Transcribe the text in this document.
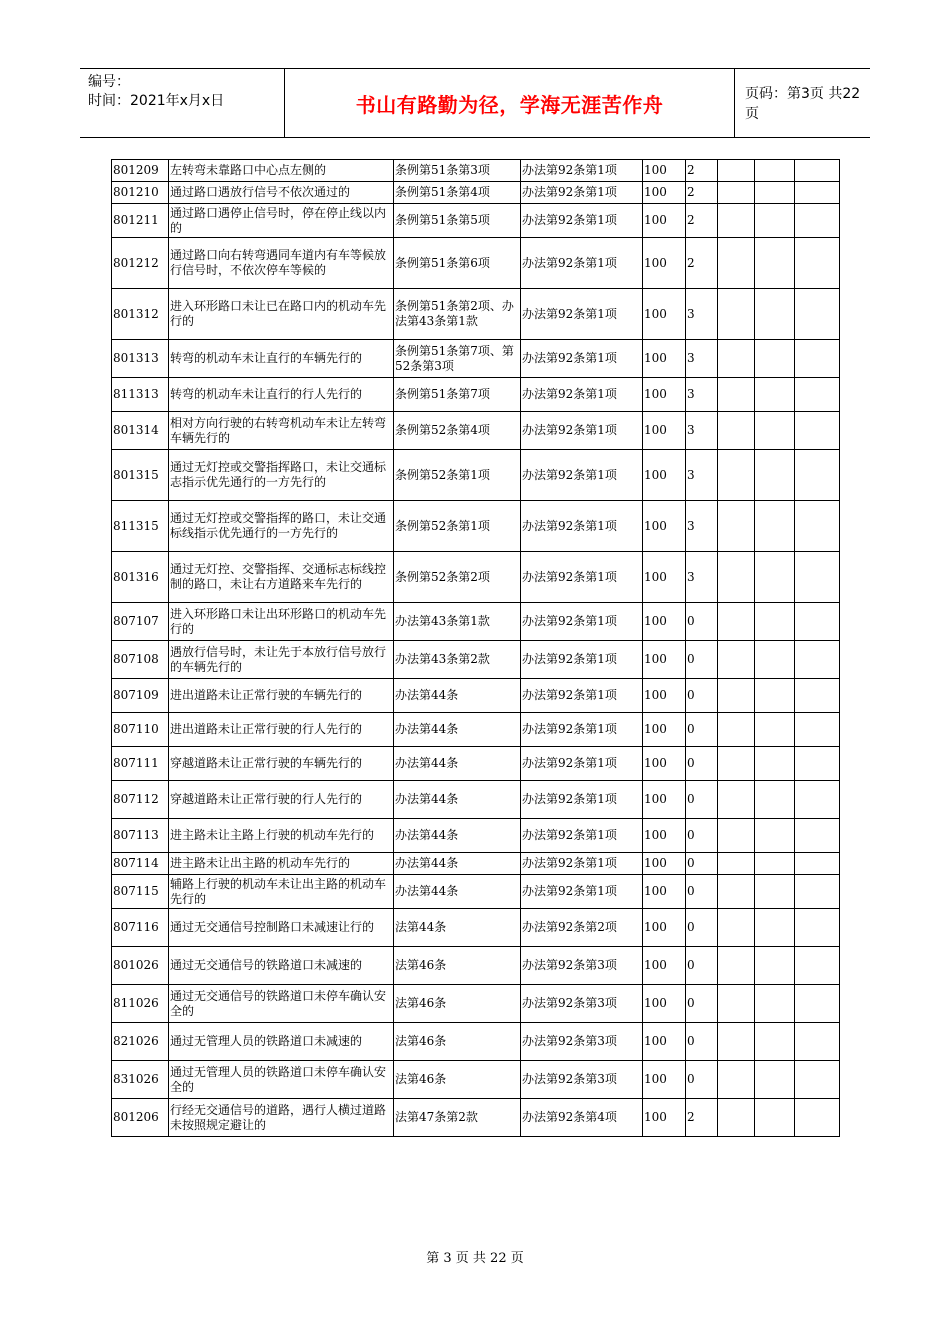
编号：
时间：2021年x月x日	书山有路勤为径，学海无涯苦作舟	页码：第3页 共22页
801209	左转弯未靠路口中心点左侧的	条例第51条第3项	办法第92条第1项	100	2			
801210	通过路口遇放行信号不依次通过的	条例第51条第4项	办法第92条第1项	100	2			
801211	通过路口遇停止信号时，停在停止线以内的	条例第51条第5项	办法第92条第1项	100	2			
801212	通过路口向右转弯遇同车道内有车等候放行信号时，不依次停车等候的	条例第51条第6项	办法第92条第1项	100	2			
801312	进入环形路口未让已在路口内的机动车先行的	条例第51条第2项、办法第43条第1款	办法第92条第1项	100	3			
801313	转弯的机动车未让直行的车辆先行的	条例第51条第7项、第52条第3项	办法第92条第1项	100	3			
811313	转弯的机动车未让直行的行人先行的	条例第51条第7项	办法第92条第1项	100	3			
801314	相对方向行驶的右转弯机动车未让左转弯车辆先行的	条例第52条第4项	办法第92条第1项	100	3			
801315	通过无灯控或交警指挥路口，未让交通标志指示优先通行的一方先行的	条例第52条第1项	办法第92条第1项	100	3			
811315	通过无灯控或交警指挥的路口，未让交通标线指示优先通行的一方先行的	条例第52条第1项	办法第92条第1项	100	3			
801316	通过无灯控、交警指挥、交通标志标线控制的路口，未让右方道路来车先行的	条例第52条第2项	办法第92条第1项	100	3			
807107	进入环形路口未让出环形路口的机动车先行的	办法第43条第1款	办法第92条第1项	100	0			
807108	遇放行信号时，未让先于本放行信号放行的车辆先行的	办法第43条第2款	办法第92条第1项	100	0			
807109	进出道路未让正常行驶的车辆先行的	办法第44条	办法第92条第1项	100	0			
807110	进出道路未让正常行驶的行人先行的	办法第44条	办法第92条第1项	100	0			
807111	穿越道路未让正常行驶的车辆先行的	办法第44条	办法第92条第1项	100	0			
807112	穿越道路未让正常行驶的行人先行的	办法第44条	办法第92条第1项	100	0			
807113	进主路未让主路上行驶的机动车先行的	办法第44条	办法第92条第1项	100	0			
807114	进主路未让出主路的机动车先行的	办法第44条	办法第92条第1项	100	0			
807115	辅路上行驶的机动车未让出主路的机动车先行的	办法第44条	办法第92条第1项	100	0			
807116	通过无交通信号控制路口未减速让行的	法第44条	办法第92条第2项	100	0			
801026	通过无交通信号的铁路道口未减速的	法第46条	办法第92条第3项	100	0			
811026	通过无交通信号的铁路道口未停车确认安全的	法第46条	办法第92条第3项	100	0			
821026	通过无管理人员的铁路道口未减速的	法第46条	办法第92条第3项	100	0			
831026	通过无管理人员的铁路道口未停车确认安全的	法第46条	办法第92条第3项	100	0			
801206	行经无交通信号的道路，遇行人横过道路未按照规定避让的	法第47条第2款	办法第92条第4项	100	2			
第 3 页 共 22 页
